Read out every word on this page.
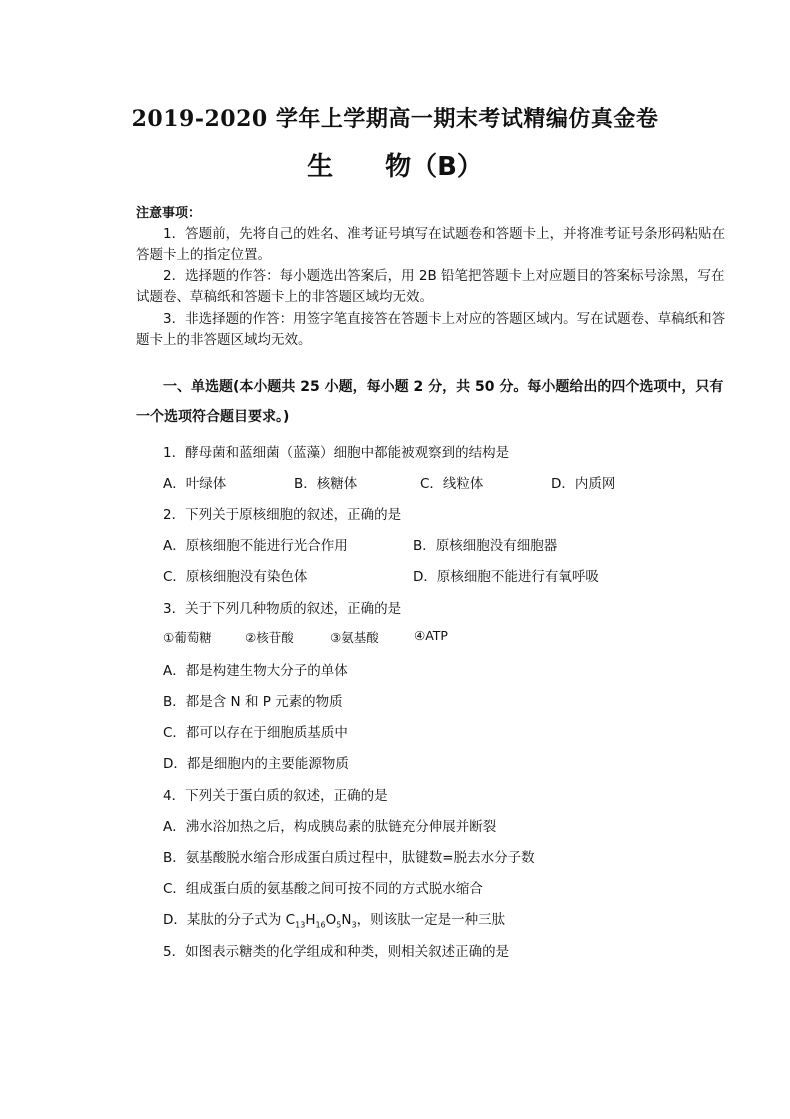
2019-2020 学年上学期高一期末考试精编仿真金卷
生 物（B）
注意事项：
1．答题前，先将自己的姓名、准考证号填写在试题卷和答题卡上，并将准考证号条形码粘贴在答题卡上的指定位置。
2．选择题的作答：每小题选出答案后，用 2B 铅笔把答题卡上对应题目的答案标号涂黑，写在试题卷、草稿纸和答题卡上的非答题区域均无效。
3．非选择题的作答：用签字笔直接答在答题卡上对应的答题区域内。写在试题卷、草稿纸和答题卡上的非答题区域均无效。
一、单选题(本小题共 25 小题，每小题 2 分，共 50 分。每小题给出的四个选项中，只有一个选项符合题目要求。)
1．酵母菌和蓝细菌（蓝藻）细胞中都能被观察到的结构是
A．叶绿体	B．核糖体	C．线粒体	D．内质网
2．下列关于原核细胞的叙述，正确的是
A．原核细胞不能进行光合作用	B．原核细胞没有细胞器
C．原核细胞没有染色体	D．原核细胞不能进行有氧呼吸
3．关于下列几种物质的叙述，正确的是
①葡萄糖	②核苷酸	③氨基酸	④ATP
A．都是构建生物大分子的单体
B．都是含 N 和 P 元素的物质
C．都可以存在于细胞质基质中
D．都是细胞内的主要能源物质
4．下列关于蛋白质的叙述，正确的是
A．沸水浴加热之后，构成胰岛素的肽链充分伸展并断裂
B．氨基酸脱水缩合形成蛋白质过程中，肽键数=脱去水分子数
C．组成蛋白质的氨基酸之间可按不同的方式脱水缩合
D．某肽的分子式为 $C_{13}H_{16}O_5N_3$，则该肽一定是一种三肽
5．如图表示糖类的化学组成和种类，则相关叙述正确的是
